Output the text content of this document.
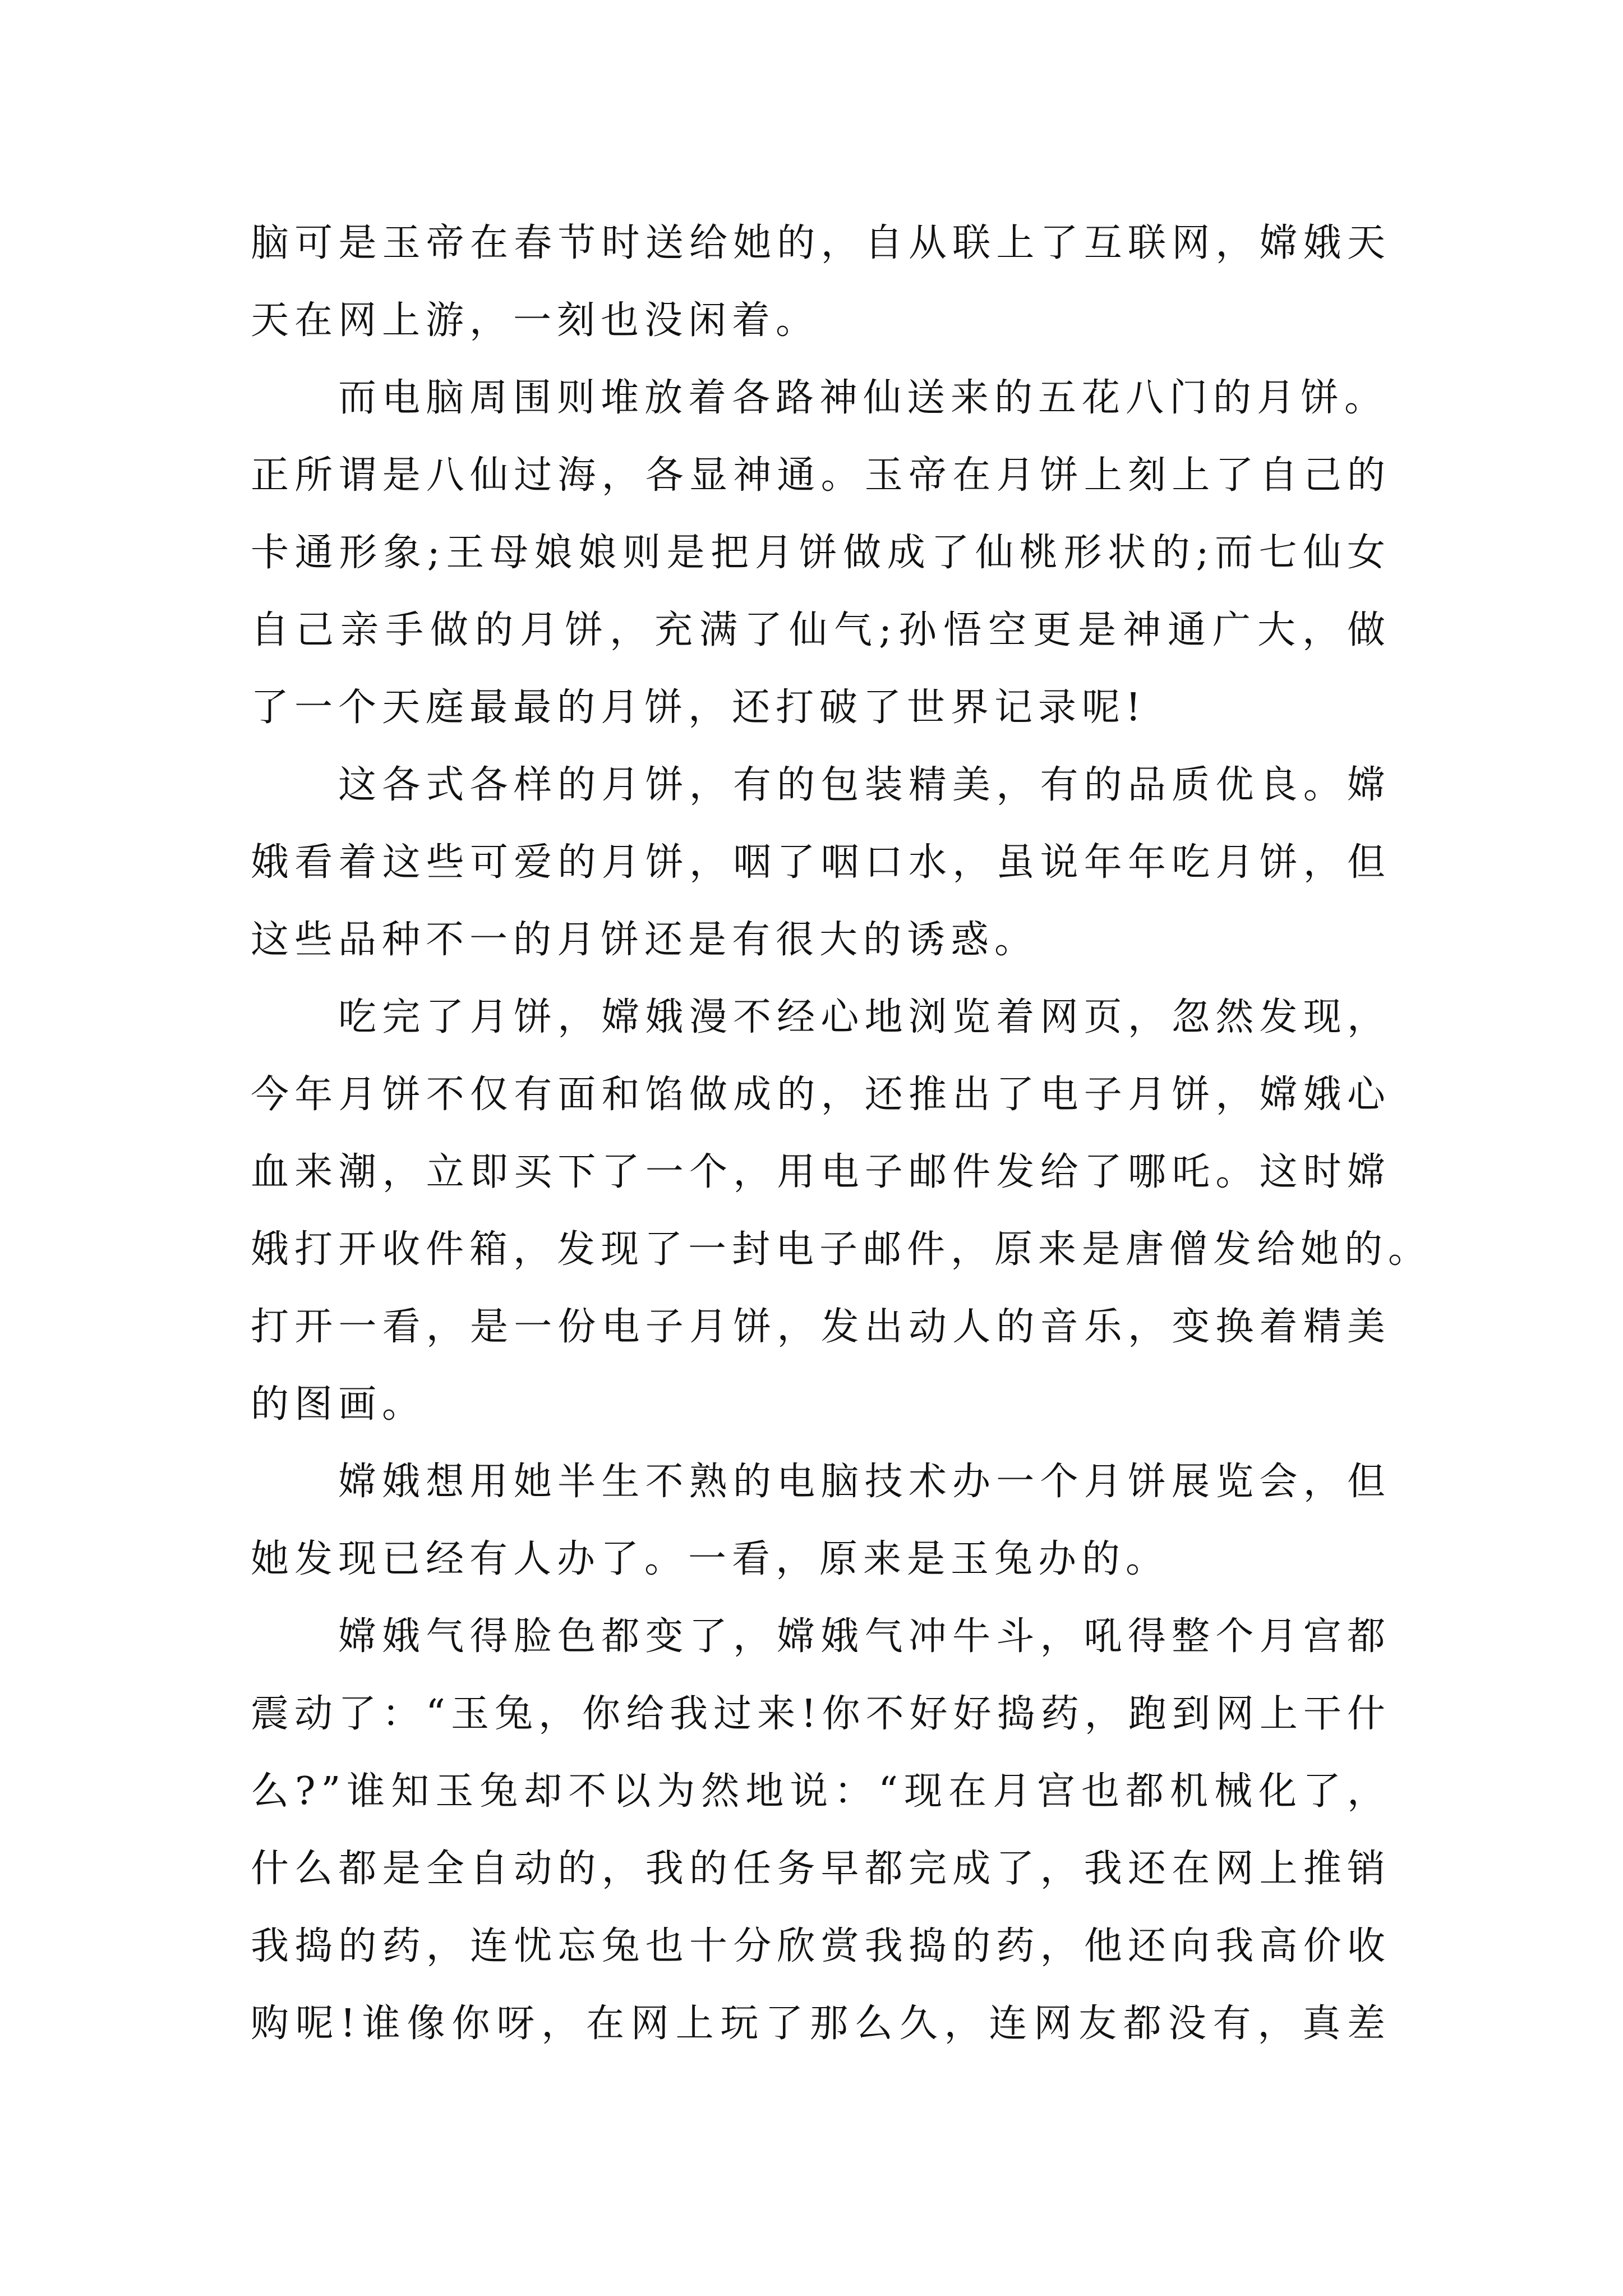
脑可是玉帝在春节时送给她的，自从联上了互联网，嫦娥天
天在网上游，一刻也没闲着。
而电脑周围则堆放着各路神仙送来的五花八门的月饼。
正所谓是八仙过海，各显神通。玉帝在月饼上刻上了自己的
卡通形象;王母娘娘则是把月饼做成了仙桃形状的;而七仙女
自己亲手做的月饼，充满了仙气;孙悟空更是神通广大，做
了一个天庭最最的月饼，还打破了世界记录呢!
这各式各样的月饼，有的包装精美，有的品质优良。嫦
娥看着这些可爱的月饼，咽了咽口水，虽说年年吃月饼，但
这些品种不一的月饼还是有很大的诱惑。
吃完了月饼，嫦娥漫不经心地浏览着网页，忽然发现，
今年月饼不仅有面和馅做成的，还推出了电子月饼，嫦娥心
血来潮，立即买下了一个，用电子邮件发给了哪吒。这时嫦
娥打开收件箱，发现了一封电子邮件，原来是唐僧发给她的。
打开一看，是一份电子月饼，发出动人的音乐，变换着精美
的图画。
嫦娥想用她半生不熟的电脑技术办一个月饼展览会，但
她发现已经有人办了。一看，原来是玉兔办的。
嫦娥气得脸色都变了，嫦娥气冲牛斗，吼得整个月宫都
震动了：“玉兔，你给我过来!你不好好捣药，跑到网上干什
么?”谁知玉兔却不以为然地说：“现在月宫也都机械化了，
什么都是全自动的，我的任务早都完成了，我还在网上推销
我捣的药，连忧忘兔也十分欣赏我捣的药，他还向我高价收
购呢!谁像你呀，在网上玩了那么久，连网友都没有，真差
